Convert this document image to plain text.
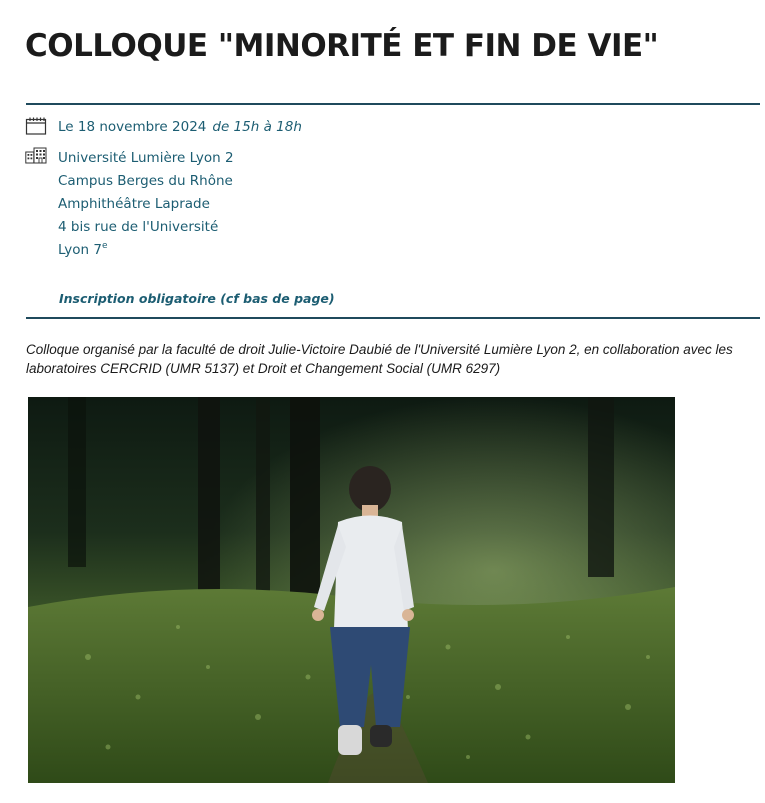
COLLOQUE "MINORITÉ ET FIN DE VIE"
Le 18 novembre 2024 de 15h à 18h
Université Lumière Lyon 2
Campus Berges du Rhône
Amphithéâtre Laprade
4 bis rue de l'Université
Lyon 7e
Inscription obligatoire (cf bas de page)

Colloque organisé par la faculté de droit Julie-Victoire Daubié de l'Université Lumière Lyon 2, en collaboration avec les laboratoires CERCRID (UMR 5137) et Droit et Changement Social (UMR 6297)
